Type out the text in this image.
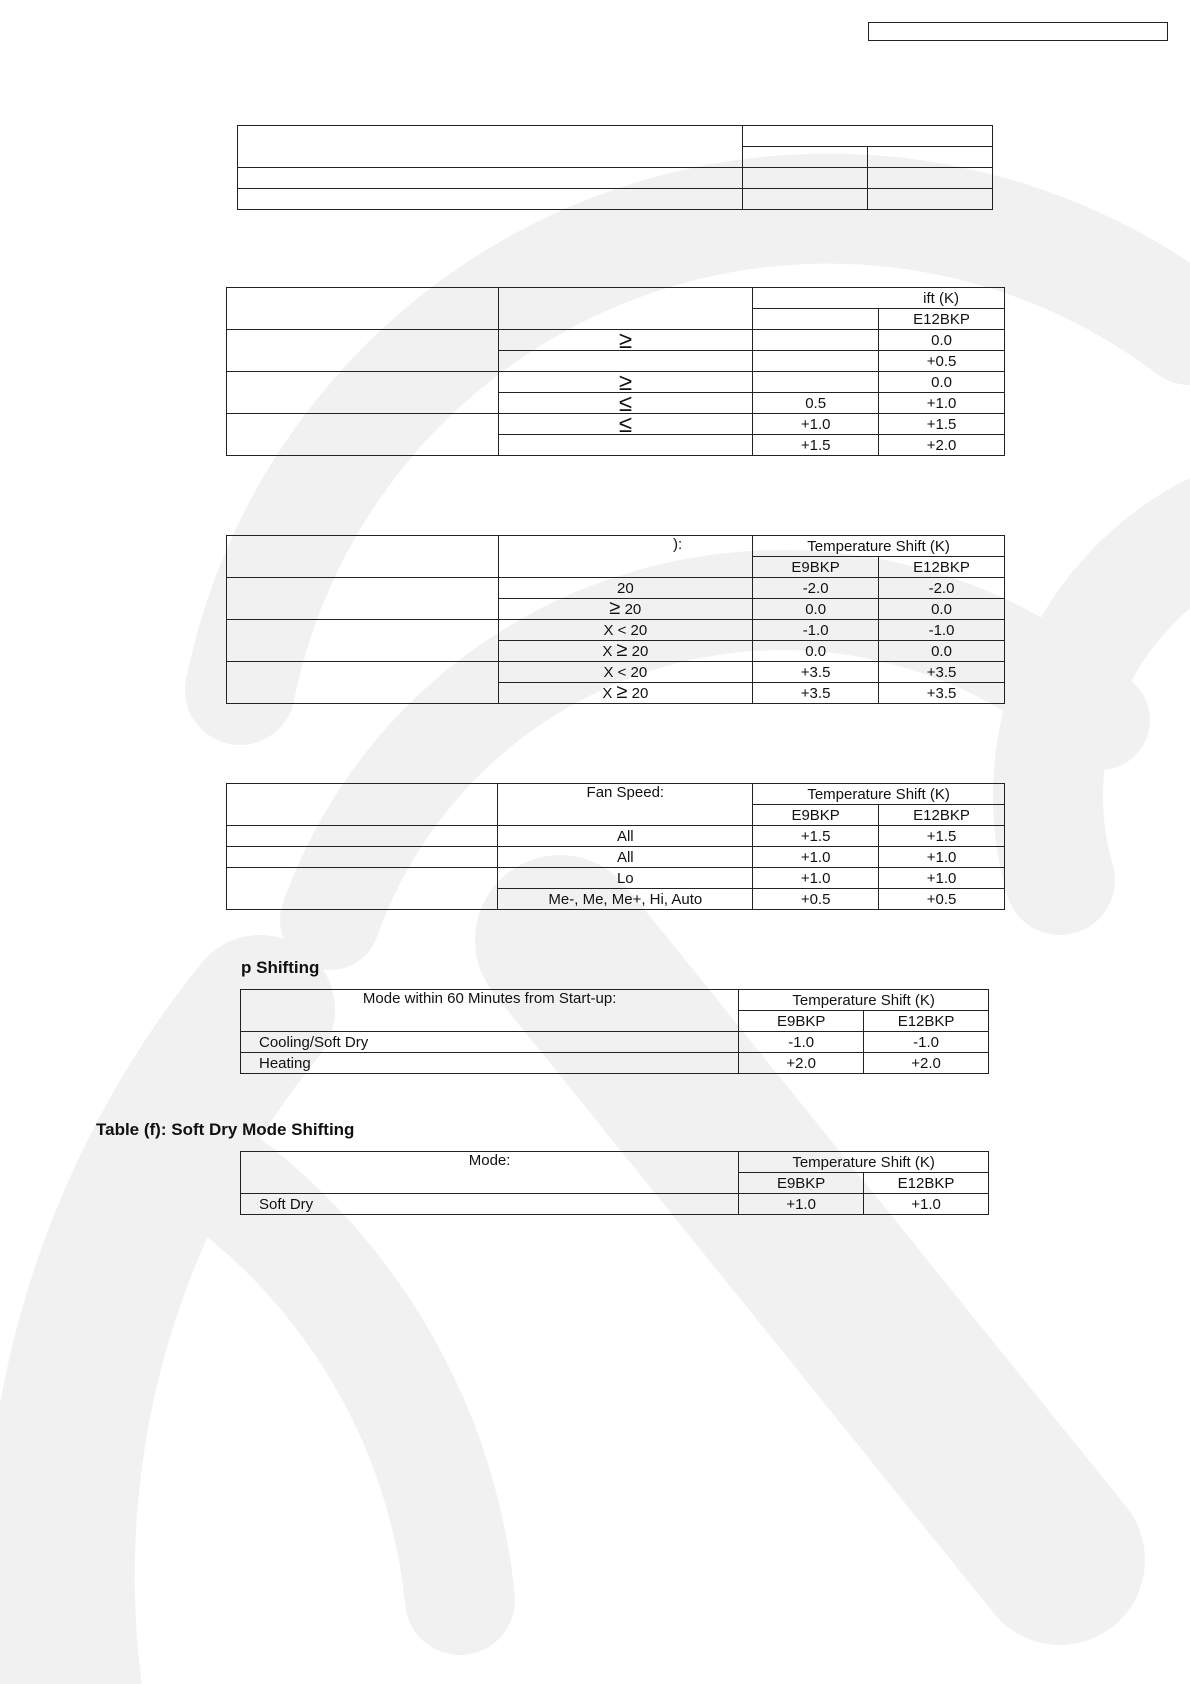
		ift (K)	
			E12BKP
	≥		0.0
			+0.5
	≥		0.0
	≤	0.5	+1.0
	≤	+1.0	+1.5
		+1.5	+2.0
	):	Temperature Shift (K)	
		E9BKP	E12BKP
	20	-2.0	-2.0
	≥ 20	0.0	0.0
	X < 20	-1.0	-1.0
	X ≥ 20	0.0	0.0
	X < 20	+3.5	+3.5
	X ≥ 20	+3.5	+3.5
	Fan Speed:	Temperature Shift (K)	
		E9BKP	E12BKP
	All	+1.5	+1.5
	All	+1.0	+1.0
	Lo	+1.0	+1.0
	Me-, Me, Me+, Hi, Auto	+0.5	+0.5
p Shifting
Mode within 60 Minutes from Start-up:	Temperature Shift (K)	
	E9BKP	E12BKP
Cooling/Soft Dry	-1.0	-1.0
Heating	+2.0	+2.0
Table (f): Soft Dry Mode Shifting
Mode:	Temperature Shift (K)	
	E9BKP	E12BKP
Soft Dry	+1.0	+1.0
